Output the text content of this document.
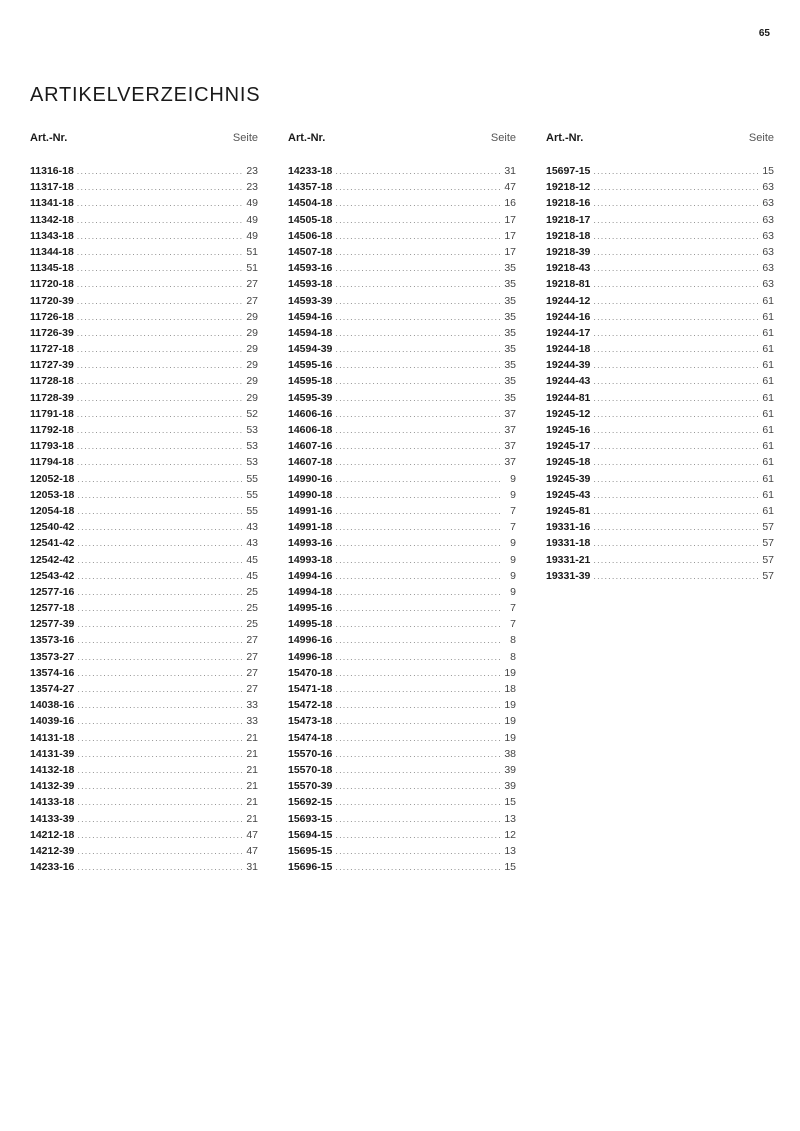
65
ARTIKELVERZEICHNIS
Art.-Nr.	Seite
11316-18 .....	23
11317-18 .....	23
11341-18 .....	49
11342-18 .....	49
11343-18 .....	49
11344-18 .....	51
11345-18 .....	51
11720-18 .....	27
11720-39 .....	27
11726-18 .....	29
11726-39 .....	29
11727-18 .....	29
11727-39 .....	29
11728-18 .....	29
11728-39 .....	29
11791-18 .....	52
11792-18 .....	53
11793-18 .....	53
11794-18 .....	53
12052-18 .....	55
12053-18 .....	55
12054-18 .....	55
12540-42 .....	43
12541-42 .....	43
12542-42 .....	45
12543-42 .....	45
12577-16 .....	25
12577-18 .....	25
12577-39 .....	25
13573-16 .....	27
13573-27 .....	27
13574-16 .....	27
13574-27 .....	27
14038-16 .....	33
14039-16 .....	33
14131-18 .....	21
14131-39 .....	21
14132-18 .....	21
14132-39 .....	21
14133-18 .....	21
14133-39 .....	21
14212-18 .....	47
14212-39 .....	47
14233-16 .....	31
Art.-Nr.	Seite
14233-18 .....	31
14357-18 .....	47
14504-18 .....	16
14505-18 .....	17
14506-18 .....	17
14507-18 .....	17
14593-16 .....	35
14593-18 .....	35
14593-39 .....	35
14594-16 .....	35
14594-18 .....	35
14594-39 .....	35
14595-16 .....	35
14595-18 .....	35
14595-39 .....	35
14606-16 .....	37
14606-18 .....	37
14607-16 .....	37
14607-18 .....	37
14990-16 .....	9
14990-18 .....	9
14991-16 .....	7
14991-18 .....	7
14993-16 .....	9
14993-18 .....	9
14994-16 .....	9
14994-18 .....	9
14995-16 .....	7
14995-18 .....	7
14996-16 .....	8
14996-18 .....	8
15470-18 .....	19
15471-18 .....	18
15472-18 .....	19
15473-18 .....	19
15474-18 .....	19
15570-16 .....	38
15570-18 .....	39
15570-39 .....	39
15692-15 .....	15
15693-15 .....	13
15694-15 .....	12
15695-15 .....	13
15696-15 .....	15
Art.-Nr.	Seite
15697-15 .....	15
19218-12 .....	63
19218-16 .....	63
19218-17 .....	63
19218-18 .....	63
19218-39 .....	63
19218-43 .....	63
19218-81 .....	63
19244-12 .....	61
19244-16 .....	61
19244-17 .....	61
19244-18 .....	61
19244-39 .....	61
19244-43 .....	61
19244-81 .....	61
19245-12 .....	61
19245-16 .....	61
19245-17 .....	61
19245-18 .....	61
19245-39 .....	61
19245-43 .....	61
19245-81 .....	61
19331-16 .....	57
19331-18 .....	57
19331-21 .....	57
19331-39 .....	57
